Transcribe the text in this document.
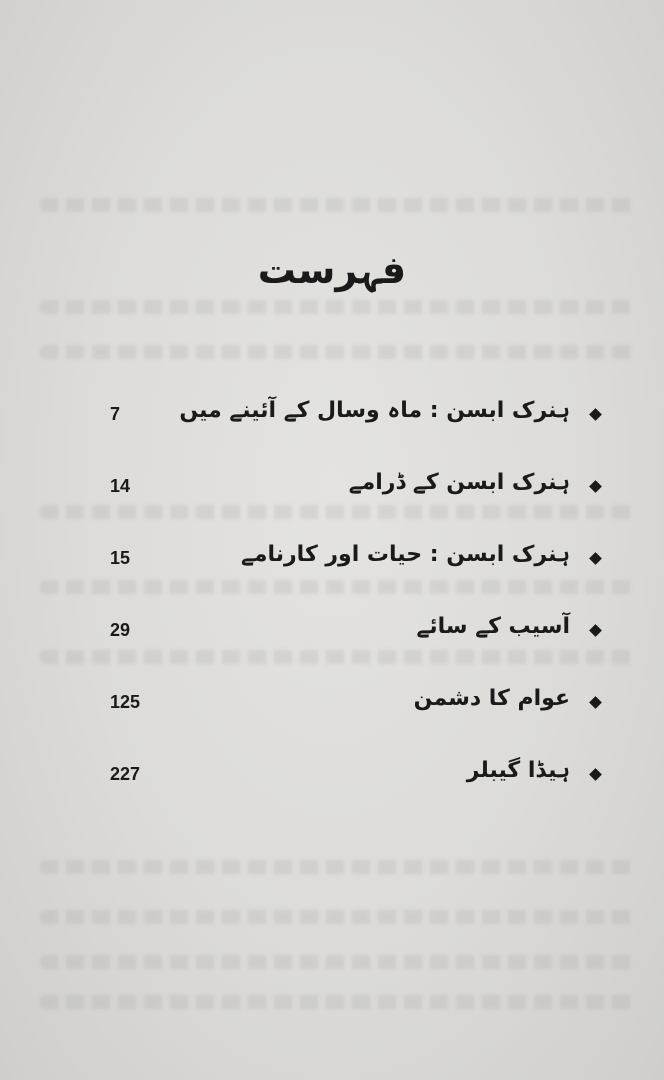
فہرست
ہنرک ابسن : ماہ وسال کے آئینے میں
7
ہنرک ابسن کے ڈرامے
14
ہنرک ابسن : حیات اور کارنامے
15
آسیب کے سائے
29
عوام کا دشمن
125
ہیڈا گیبلر
227
